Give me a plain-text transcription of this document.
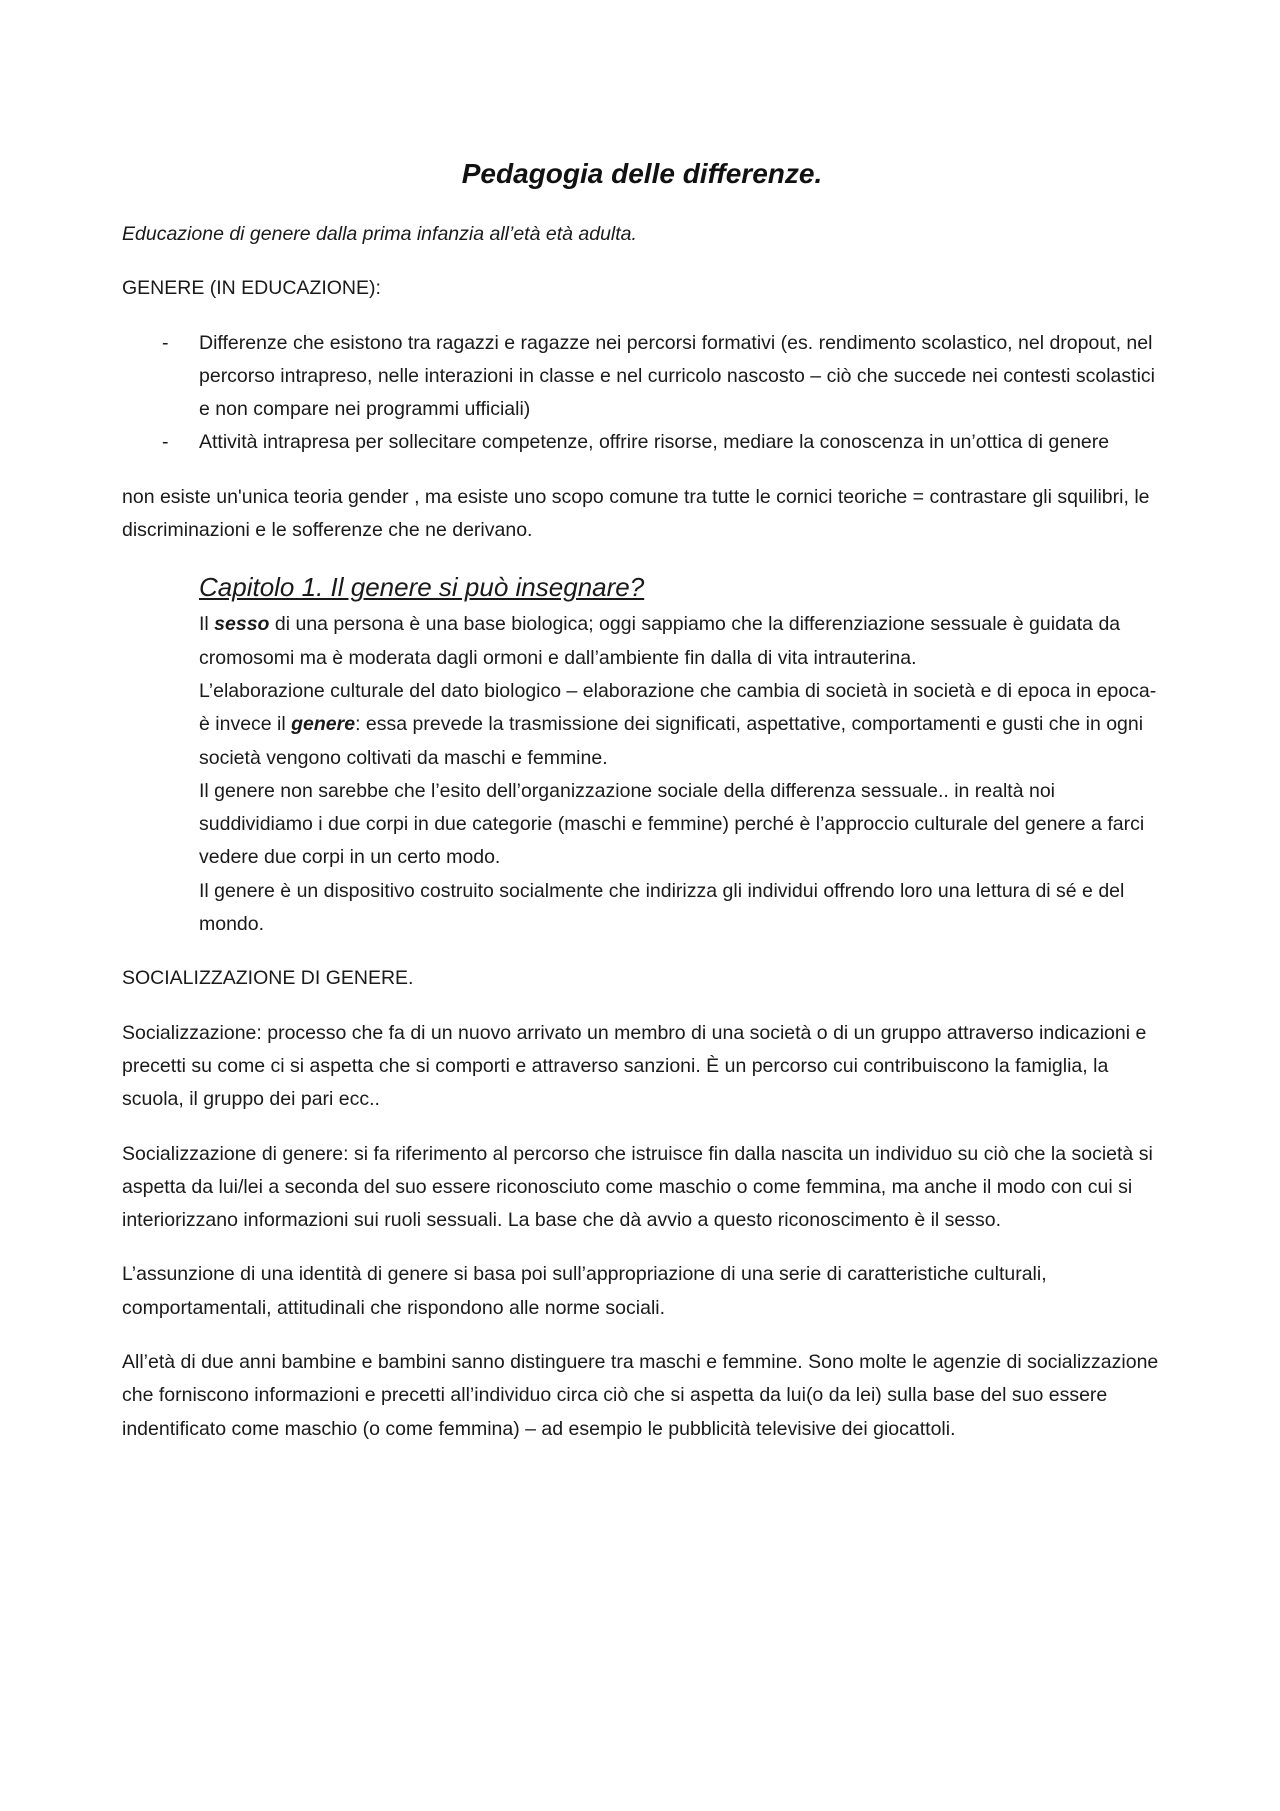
Pedagogia delle differenze.

Educazione di genere dalla prima infanzia all’età età adulta.

GENERE (IN EDUCAZIONE):

- Differenze che esistono tra ragazzi e ragazze nei percorsi formativi (es. rendimento scolastico, nel dropout, nel percorso intrapreso, nelle interazioni in classe e nel curricolo nascosto – ciò che succede nei contesti scolastici e non compare nei programmi ufficiali)
- Attività intrapresa per sollecitare competenze, offrire risorse, mediare la conoscenza in un’ottica di genere

non esiste un'unica teoria gender , ma esiste uno scopo comune tra tutte le cornici teoriche = contrastare gli squilibri, le discriminazioni e le sofferenze che ne derivano.

Capitolo 1. Il genere si può insegnare?

Il sesso di una persona è una base biologica; oggi sappiamo che la differenziazione sessuale è guidata da cromosomi ma è moderata dagli ormoni e dall’ambiente fin dalla di vita intrauterina.

L’elaborazione culturale del dato biologico – elaborazione che cambia di società in società e di epoca in epoca- è invece il genere: essa prevede la trasmissione dei significati, aspettative, comportamenti e gusti che in ogni società vengono coltivati da maschi e femmine.

Il genere non sarebbe che l’esito dell’organizzazione sociale della differenza sessuale.. in realtà noi suddividiamo i due corpi in due categorie (maschi e femmine) perché è l’approccio culturale del genere a farci vedere due corpi in un certo modo.

Il genere è un dispositivo costruito socialmente che indirizza gli individui offrendo loro una lettura di sé e del mondo.

SOCIALIZZAZIONE DI GENERE.

Socializzazione: processo che fa di un nuovo arrivato un membro di una società o di un gruppo attraverso indicazioni e precetti su come ci si aspetta che si comporti e attraverso sanzioni. È un percorso cui contribuiscono la famiglia, la scuola, il gruppo dei pari ecc..

Socializzazione di genere: si fa riferimento al percorso che istruisce fin dalla nascita un individuo su ciò che la società si aspetta da lui/lei a seconda del suo essere riconosciuto come maschio o come femmina, ma anche il modo con cui si interiorizzano informazioni sui ruoli sessuali. La base che dà avvio a questo riconoscimento è il sesso.

L’assunzione di una identità di genere si basa poi sull’appropriazione di una serie di caratteristiche culturali, comportamentali, attitudinali che rispondono alle norme sociali.

All’età di due anni bambine e bambini sanno distinguere tra maschi e femmine. Sono molte le agenzie di socializzazione che forniscono informazioni e precetti all’individuo circa ciò che si aspetta da lui(o da lei) sulla base del suo essere indentificato come maschio (o come femmina) – ad esempio le pubblicità televisive dei giocattoli.
